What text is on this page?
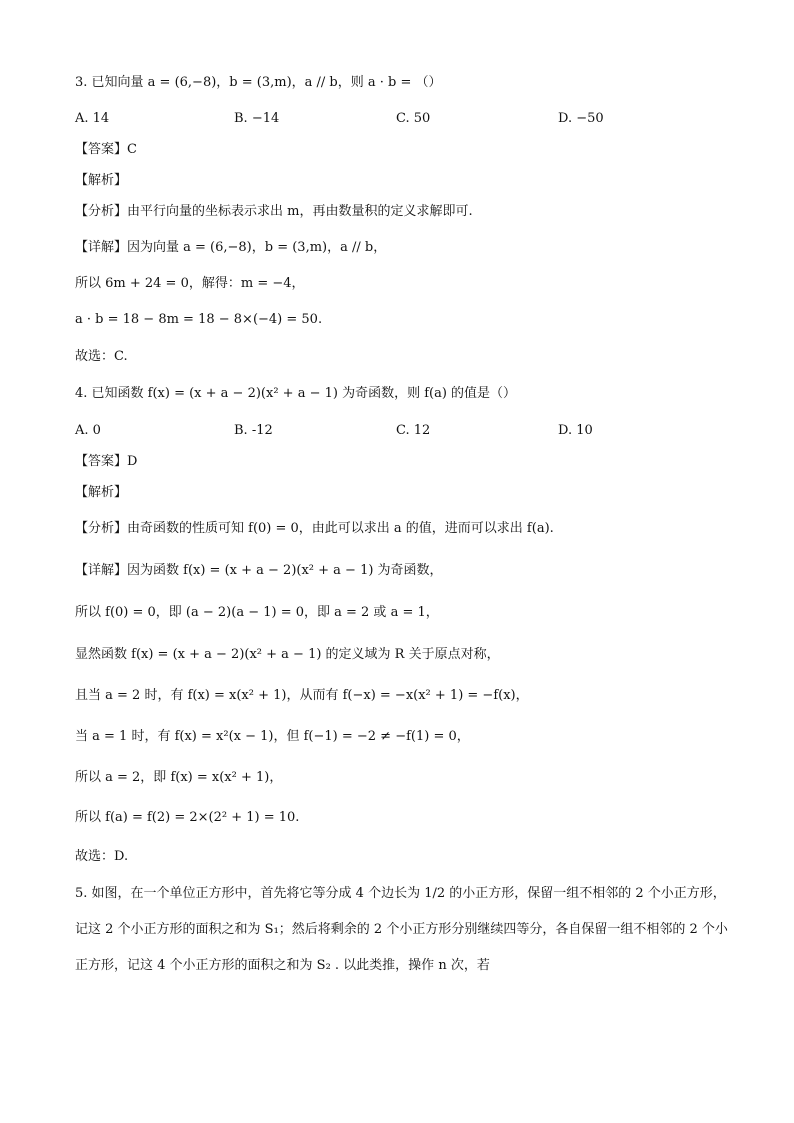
3. 已知向量 a = (6,−8)，b = (3,m)，a // b，则 a · b = （）
A. 14	B. −14	C. 50	D. −50
【答案】C
【解析】
【分析】由平行向量的坐标表示求出 m，再由数量积的定义求解即可.
【详解】因为向量 a = (6,−8)，b = (3,m)，a // b，
所以 6m + 24 = 0，解得：m = −4，
a · b = 18 − 8m = 18 − 8×(−4) = 50.
故选：C.
4. 已知函数 f(x) = (x + a − 2)(x² + a − 1) 为奇函数，则 f(a) 的值是（）
A. 0	B. -12	C. 12	D. 10
【答案】D
【解析】
【分析】由奇函数的性质可知 f(0) = 0，由此可以求出 a 的值，进而可以求出 f(a).
【详解】因为函数 f(x) = (x + a − 2)(x² + a − 1) 为奇函数，
所以 f(0) = 0，即 (a − 2)(a − 1) = 0，即 a = 2 或 a = 1，
显然函数 f(x) = (x + a − 2)(x² + a − 1) 的定义域为 R 关于原点对称，
且当 a = 2 时，有 f(x) = x(x² + 1)，从而有 f(−x) = −x(x² + 1) = −f(x)，
当 a = 1 时，有 f(x) = x²(x − 1)，但 f(−1) = −2 ≠ −f(1) = 0，
所以 a = 2，即 f(x) = x(x² + 1)，
所以 f(a) = f(2) = 2×(2² + 1) = 10.
故选：D.
5. 如图，在一个单位正方形中，首先将它等分成 4 个边长为 1/2 的小正方形，保留一组不相邻的 2 个小正方形，记这 2 个小正方形的面积之和为 S₁；然后将剩余的 2 个小正方形分别继续四等分，各自保留一组不相邻的 2 个小正方形，记这 4 个小正方形的面积之和为 S₂ . 以此类推，操作 n 次，若
